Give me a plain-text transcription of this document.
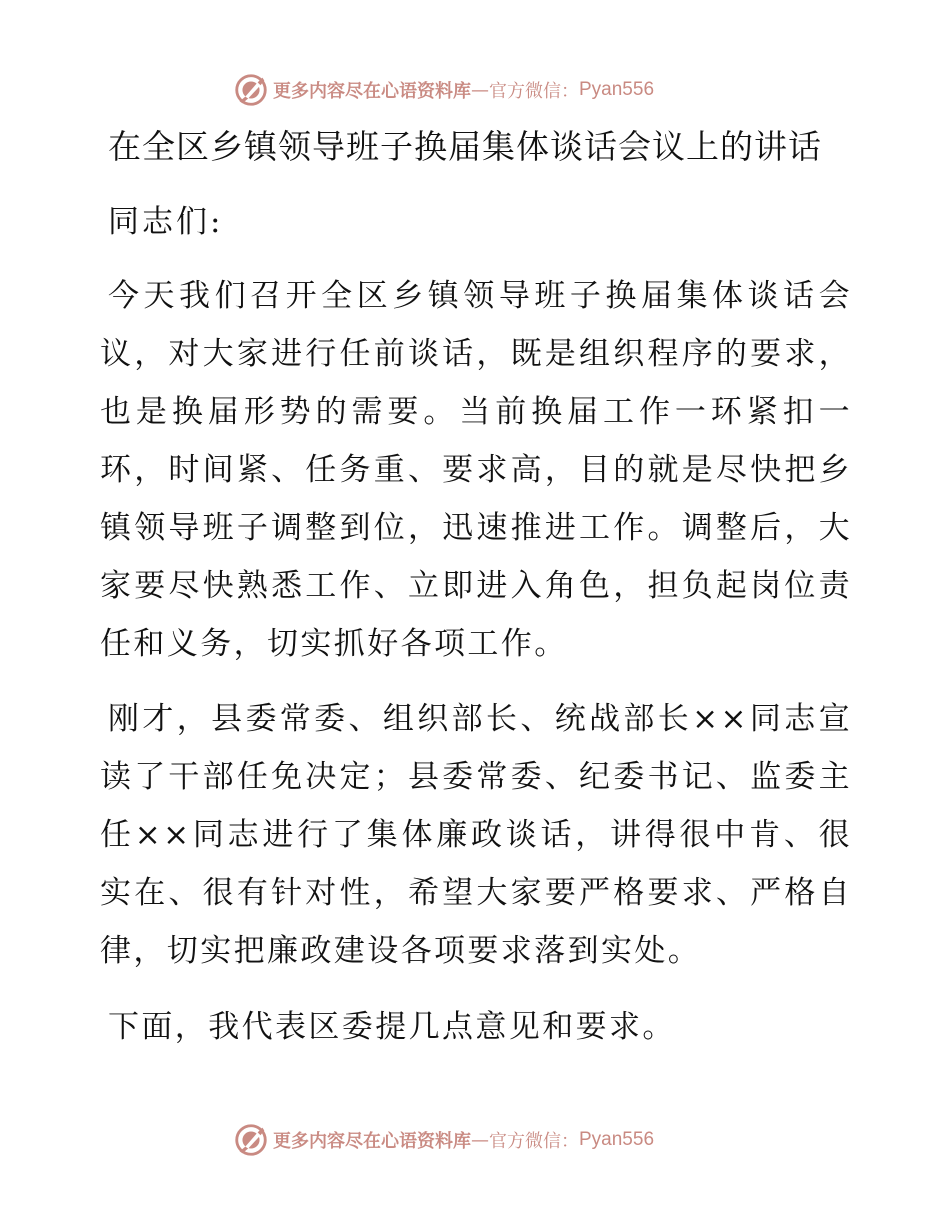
更多内容尽在心语资料库 — 官方微信： Pyan556
在全区乡镇领导班子换届集体谈话会议上的讲话
同志们:
今天我们召开全区乡镇领导班子换届集体谈话会议，对大家进行任前谈话，既是组织程序的要求，也是换届形势的需要。当前换届工作一环紧扣一环，时间紧、任务重、要求高，目的就是尽快把乡镇领导班子调整到位，迅速推进工作。调整后，大家要尽快熟悉工作、立即进入角色，担负起岗位责任和义务，切实抓好各项工作。
刚才，县委常委、组织部长、统战部长××同志宣读了干部任免决定；县委常委、纪委书记、监委主任××同志进行了集体廉政谈话，讲得很中肯、很实在、很有针对性，希望大家要严格要求、严格自律，切实把廉政建设各项要求落到实处。
下面，我代表区委提几点意见和要求。
更多内容尽在心语资料库 — 官方微信： Pyan556
